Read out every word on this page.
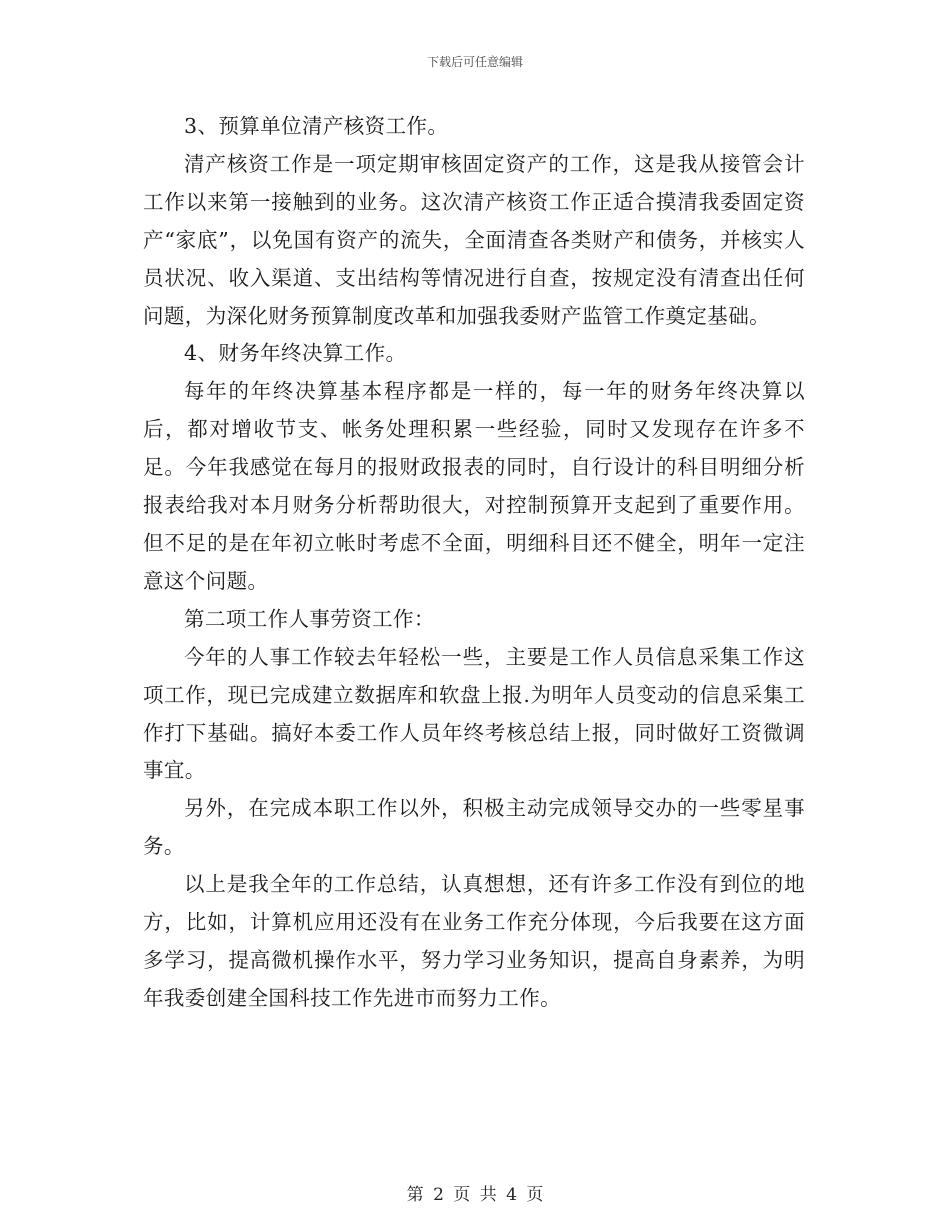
下载后可任意编辑

3、预算单位清产核资工作。

清产核资工作是一项定期审核固定资产的工作，这是我从接管会计工作以来第一接触到的业务。这次清产核资工作正适合摸清我委固定资产“家底”，以免国有资产的流失，全面清查各类财产和债务，并核实人员状况、收入渠道、支出结构等情况进行自查，按规定没有清查出任何问题，为深化财务预算制度改革和加强我委财产监管工作奠定基础。

4、财务年终决算工作。

每年的年终决算基本程序都是一样的，每一年的财务年终决算以后，都对增收节支、帐务处理积累一些经验，同时又发现存在许多不足。今年我感觉在每月的报财政报表的同时，自行设计的科目明细分析报表给我对本月财务分析帮助很大，对控制预算开支起到了重要作用。但不足的是在年初立帐时考虑不全面，明细科目还不健全，明年一定注意这个问题。

第二项工作人事劳资工作：

今年的人事工作较去年轻松一些，主要是工作人员信息采集工作这项工作，现已完成建立数据库和软盘上报.为明年人员变动的信息采集工作打下基础。搞好本委工作人员年终考核总结上报，同时做好工资微调事宜。

另外，在完成本职工作以外，积极主动完成领导交办的一些零星事务。

以上是我全年的工作总结，认真想想，还有许多工作没有到位的地方，比如，计算机应用还没有在业务工作充分体现，今后我要在这方面多学习，提高微机操作水平，努力学习业务知识，提高自身素养，为明年我委创建全国科技工作先进市而努力工作。

第 2 页 共 4 页
